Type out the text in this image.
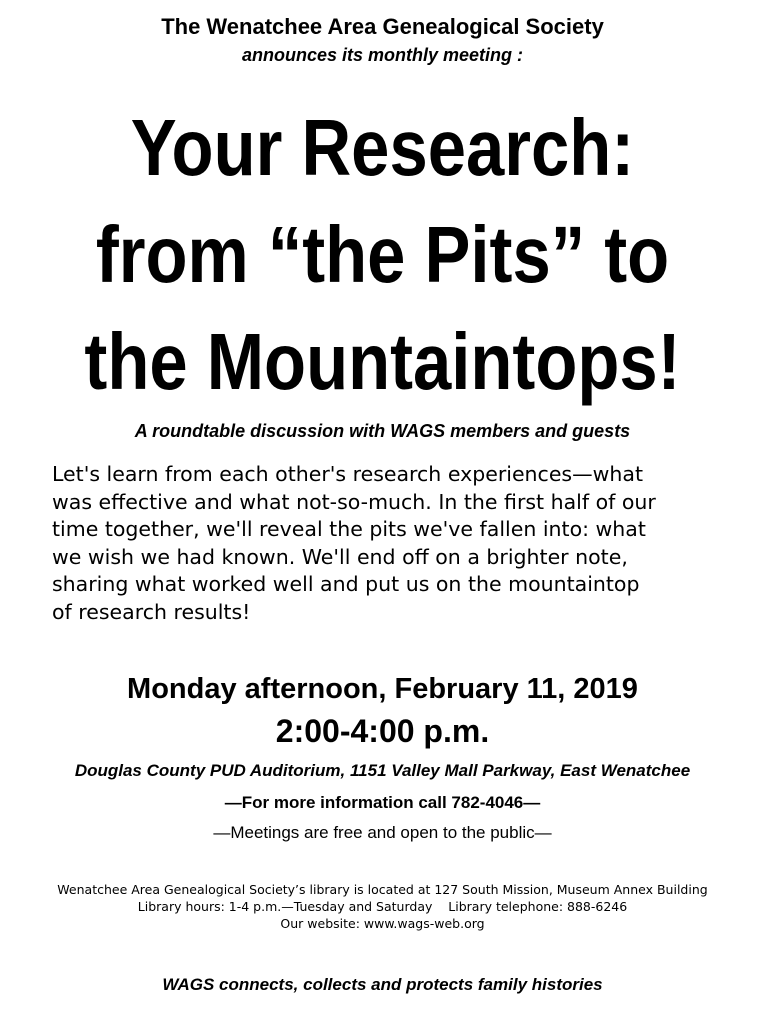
The Wenatchee Area Genealogical Society
announces its monthly meeting :
Your Research:
from “the Pits” to
the Mountaintops!
A roundtable discussion with WAGS members and guests
Let's learn from each other's research experiences—what
was effective and what not-so-much. In the first half of our
time together, we'll reveal the pits we've fallen into: what
we wish we had known. We'll end off on a brighter note,
sharing what worked well and put us on the mountaintop
of research results!
Monday afternoon, February 11, 2019
2:00-4:00 p.m.
Douglas County PUD Auditorium, 1151 Valley Mall Parkway, East Wenatchee
—For more information call 782-4046—
—Meetings are free and open to the public—
Wenatchee Area Genealogical Society’s library is located at 127 South Mission, Museum Annex Building
Library hours: 1-4 p.m.—Tuesday and Saturday    Library telephone: 888-6246
Our website: www.wags-web.org
WAGS connects, collects and protects family histories
